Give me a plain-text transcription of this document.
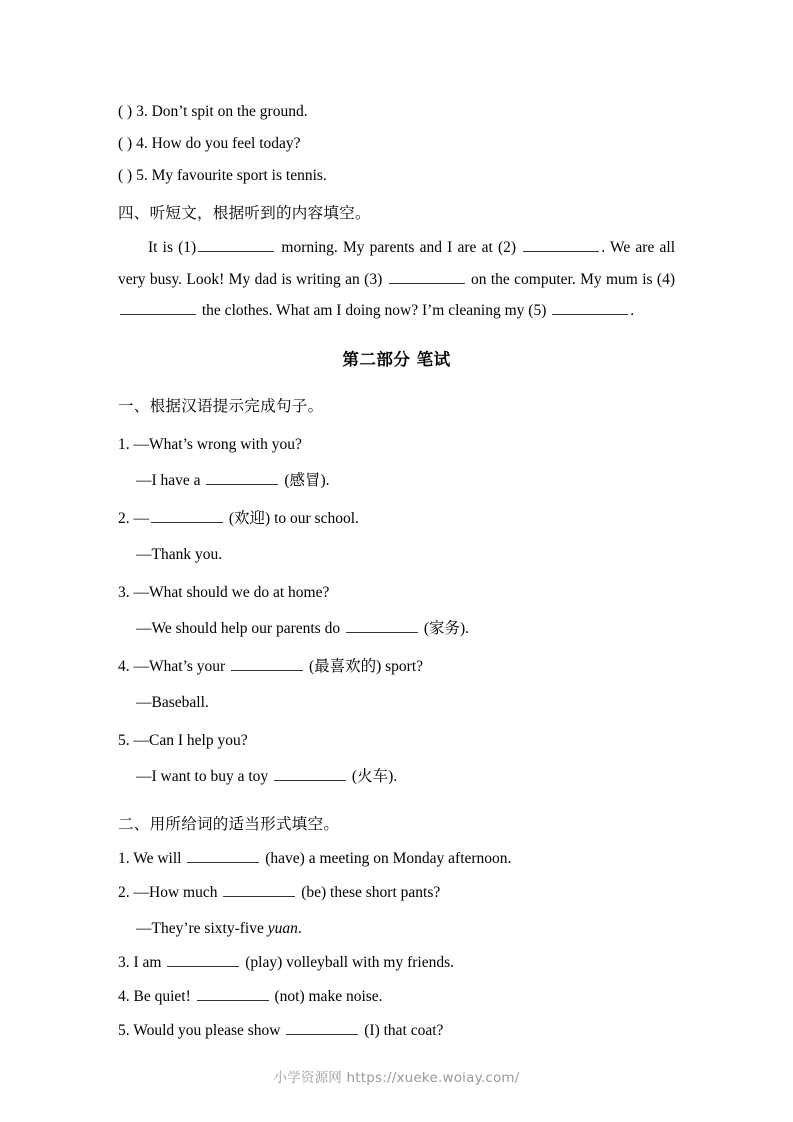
( ) 3. Don’t spit on the ground.
( ) 4. How do you feel today?
( ) 5. My favourite sport is tennis.
四、听短文，根据听到的内容填空。
It is (1)	morning. My parents and I are at (2)	. We are all very busy. Look! My dad is writing an (3)	on the computer. My mum is (4)  the clothes. What am I doing now? I’m cleaning my (5)	.
第二部分 笔试
一、根据汉语提示完成句子。
1. —What’s wrong with you?
—I have a	(感冒).
2. —	(欢迎) to our school.
—Thank you.
3. —What should we do at home?
—We should help our parents do	(家务).
4. —What’s your	(最喜欢的) sport?
—Baseball.
5. —Can I help you?
—I want to buy a toy	(火车).
二、用所给词的适当形式填空。
1. We will	(have) a meeting on Monday afternoon.
2. —How much	(be) these short pants?
—They’re sixty-five yuan.
3. I am	(play) volleyball with my friends.
4. Be quiet!	(not) make noise.
5. Would you please show	(I) that coat?
小学资源网 https://xueke.woiay.com/
